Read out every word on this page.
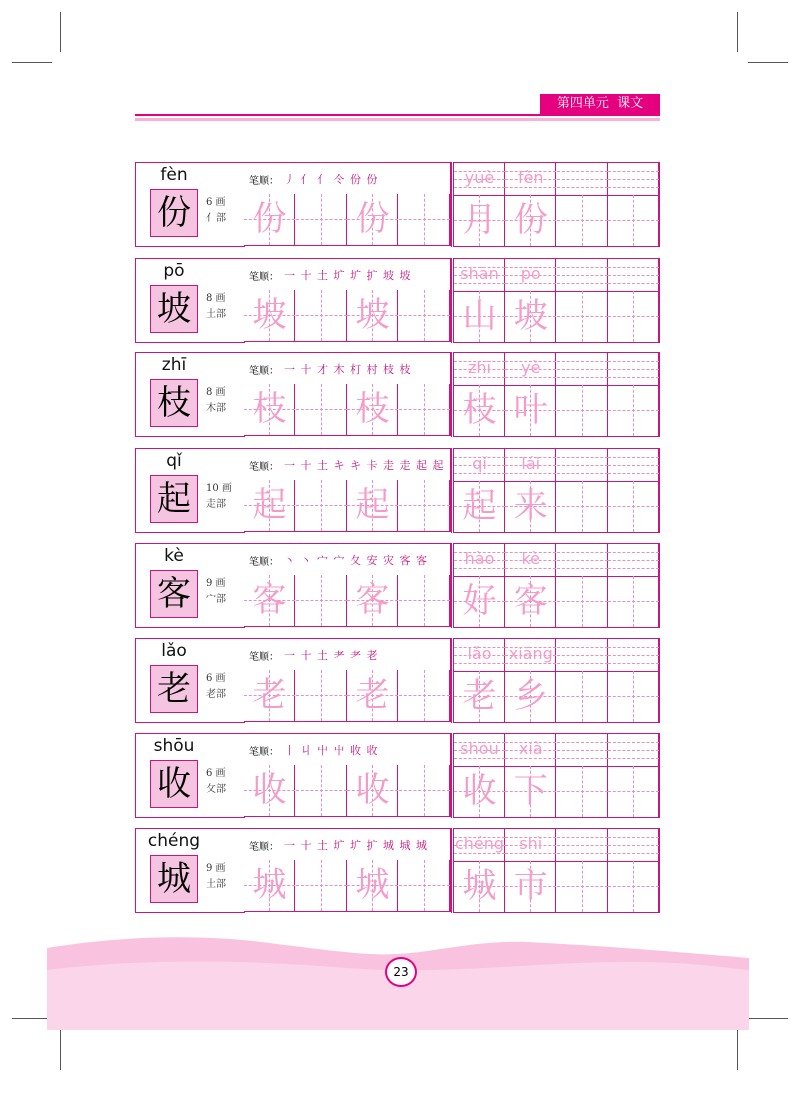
第四单元 课文
fèn
份	6 画
亻部
笔顺： 丿 亻 亻 仒 份 份
份 份
yuè	fèn
月 份
pō
坡	8 画
土部
笔顺： 一 十 土 圹 圹 扩 坡 坡
坡 坡
shān	pō
山 坡
zhī
枝	8 画
木部
笔顺： 一 十 才 木 朾 村 枝 枝
枝 枝
zhī	yè
枝 叶
qǐ
起	10 画
走部
笔顺： 一 十 土 キ キ 卡 走 走 起 起
起 起
qǐ	lái
起 来
kè
客	9 画
宀部
笔顺： 丶 丶 宀 宀 夂 安 灾 客 客
客 客
hào	kè
好 客
lǎo
老	6 画
老部
笔顺： 一 十 土 耂 耂 老
老 老
lǎo	xiāng
老 乡
shōu
收	6 画
攵部
笔顺： 丨 丩 屮 屮 收 收
收 收
shōu	xià
收 下
chéng
城	9 画
土部
笔顺： 一 十 土 圹 圹 扩 城 城 城
城 城
chéng shì
城 市
23
